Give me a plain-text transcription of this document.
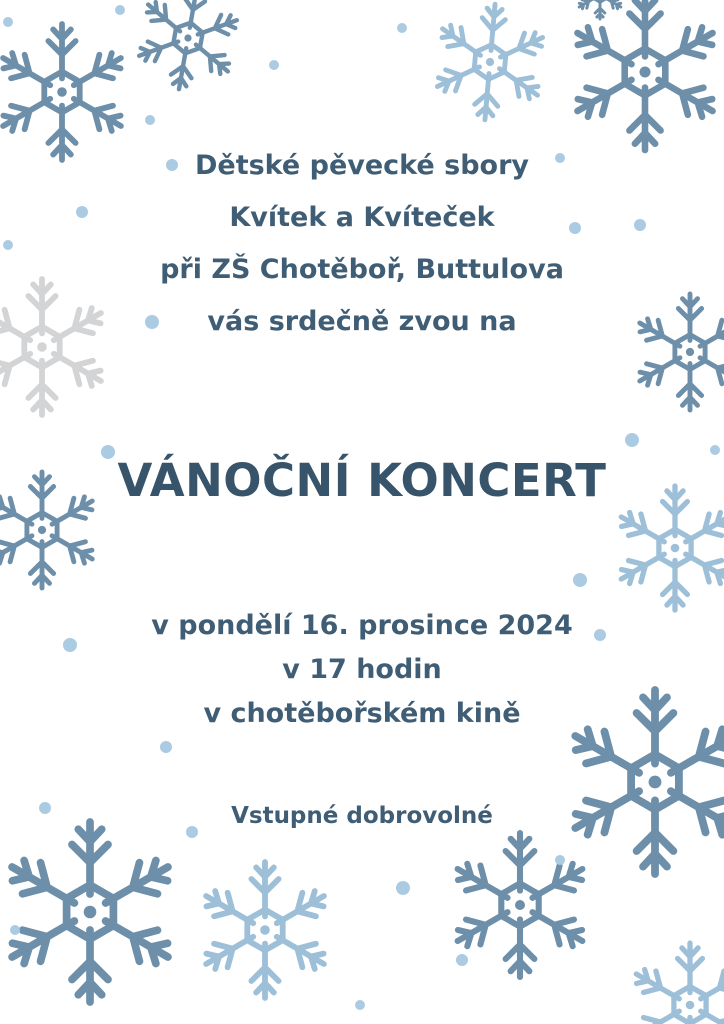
Dětské pěvecké sbory
Kvítek a Kvíteček
při ZŠ Chotěboř, Buttulova
vás srdečně zvou na
VÁNOČNÍ KONCERT
v pondělí 16. prosince 2024
v 17 hodin
v chotěbořském kině
Vstupné dobrovolné
